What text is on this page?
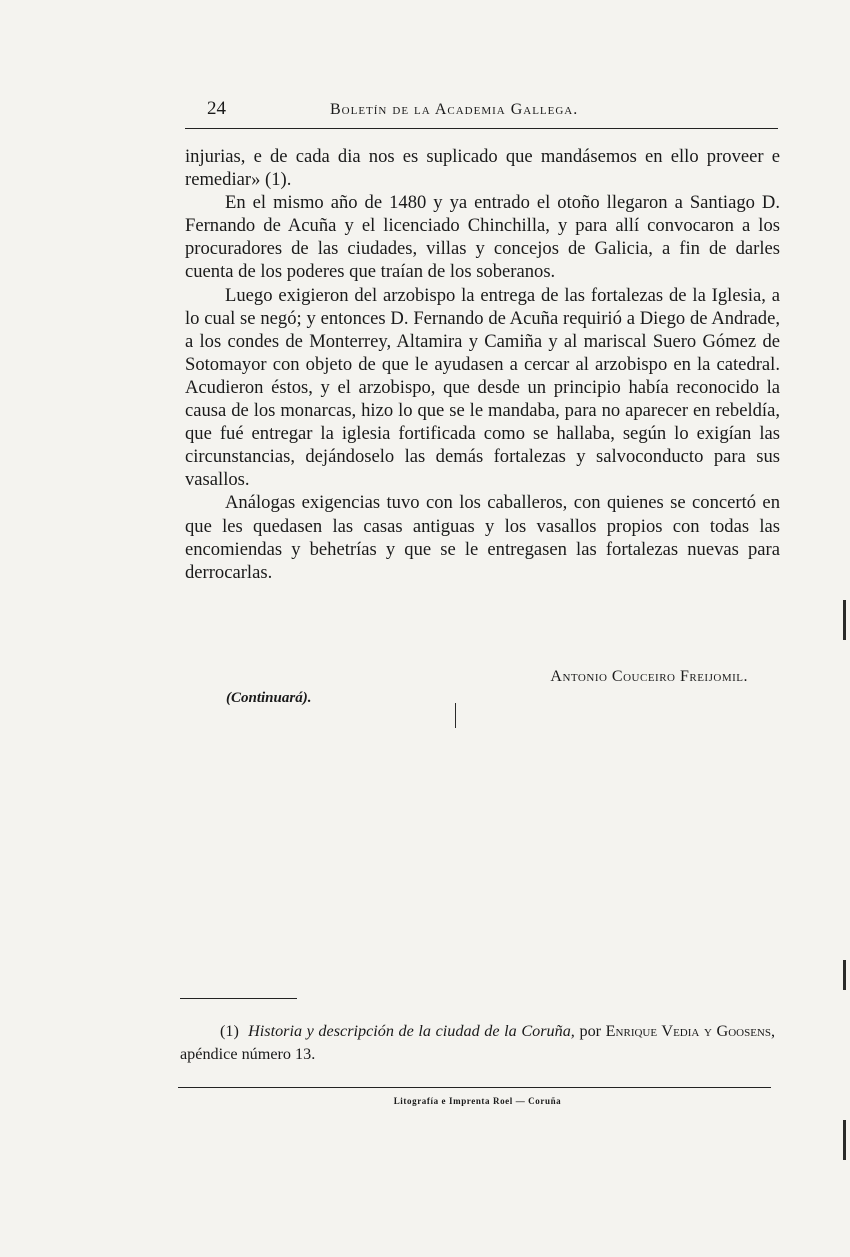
24	Boletín de la Academia Gallega.

injurias, e de cada dia nos es suplicado que mandásemos en ello proveer e remediar» (1).

En el mismo año de 1480 y ya entrado el otoño llegaron a Santiago D. Fernando de Acuña y el licenciado Chinchilla, y para allí convocaron a los procuradores de las ciudades, villas y concejos de Galicia, a fin de darles cuenta de los poderes que traían de los soberanos.

Luego exigieron del arzobispo la entrega de las fortalezas de la Iglesia, a lo cual se negó; y entonces D. Fernando de Acuña requirió a Diego de Andrade, a los condes de Monterrey, Altamira y Camiña y al mariscal Suero Gómez de Sotomayor con objeto de que le ayudasen a cercar al arzobispo en la catedral. Acudieron éstos, y el arzobispo, que desde un principio había reconocido la causa de los monarcas, hizo lo que se le mandaba, para no aparecer en rebeldía, que fué entregar la iglesia fortificada como se hallaba, según lo exigían las circunstancias, dejándoselo las demás fortalezas y salvoconducto para sus vasallos.

Análogas exigencias tuvo con los caballeros, con quienes se concertó en que les quedasen las casas antiguas y los vasallos propios con todas las encomiendas y behetrías y que se le entregasen las fortalezas nuevas para derrocarlas.

Antonio Couceiro Freijomil.
(Continuará).
(1) Historia y descripción de la ciudad de la Coruña, por Enrique Vedia y Goosens, apéndice número 13.
Litografía e Imprenta Roel — Coruña
